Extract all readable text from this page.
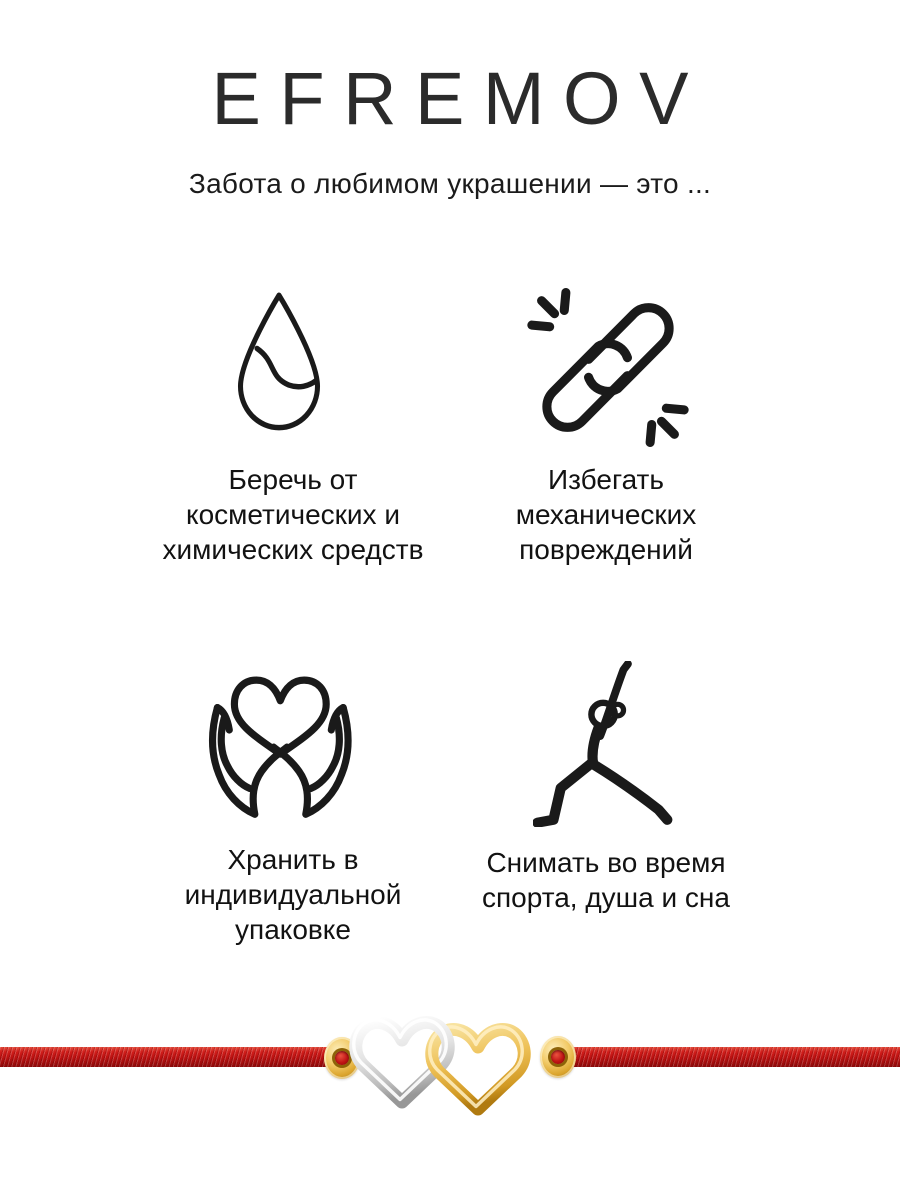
EFREMOV

Забота о любимом украшении — это ...

Беречь от
косметических и
химических средств
Избегать
механических
повреждений
Хранить в
индивидуальной
упаковке
Снимать во время
спорта, душа и сна
